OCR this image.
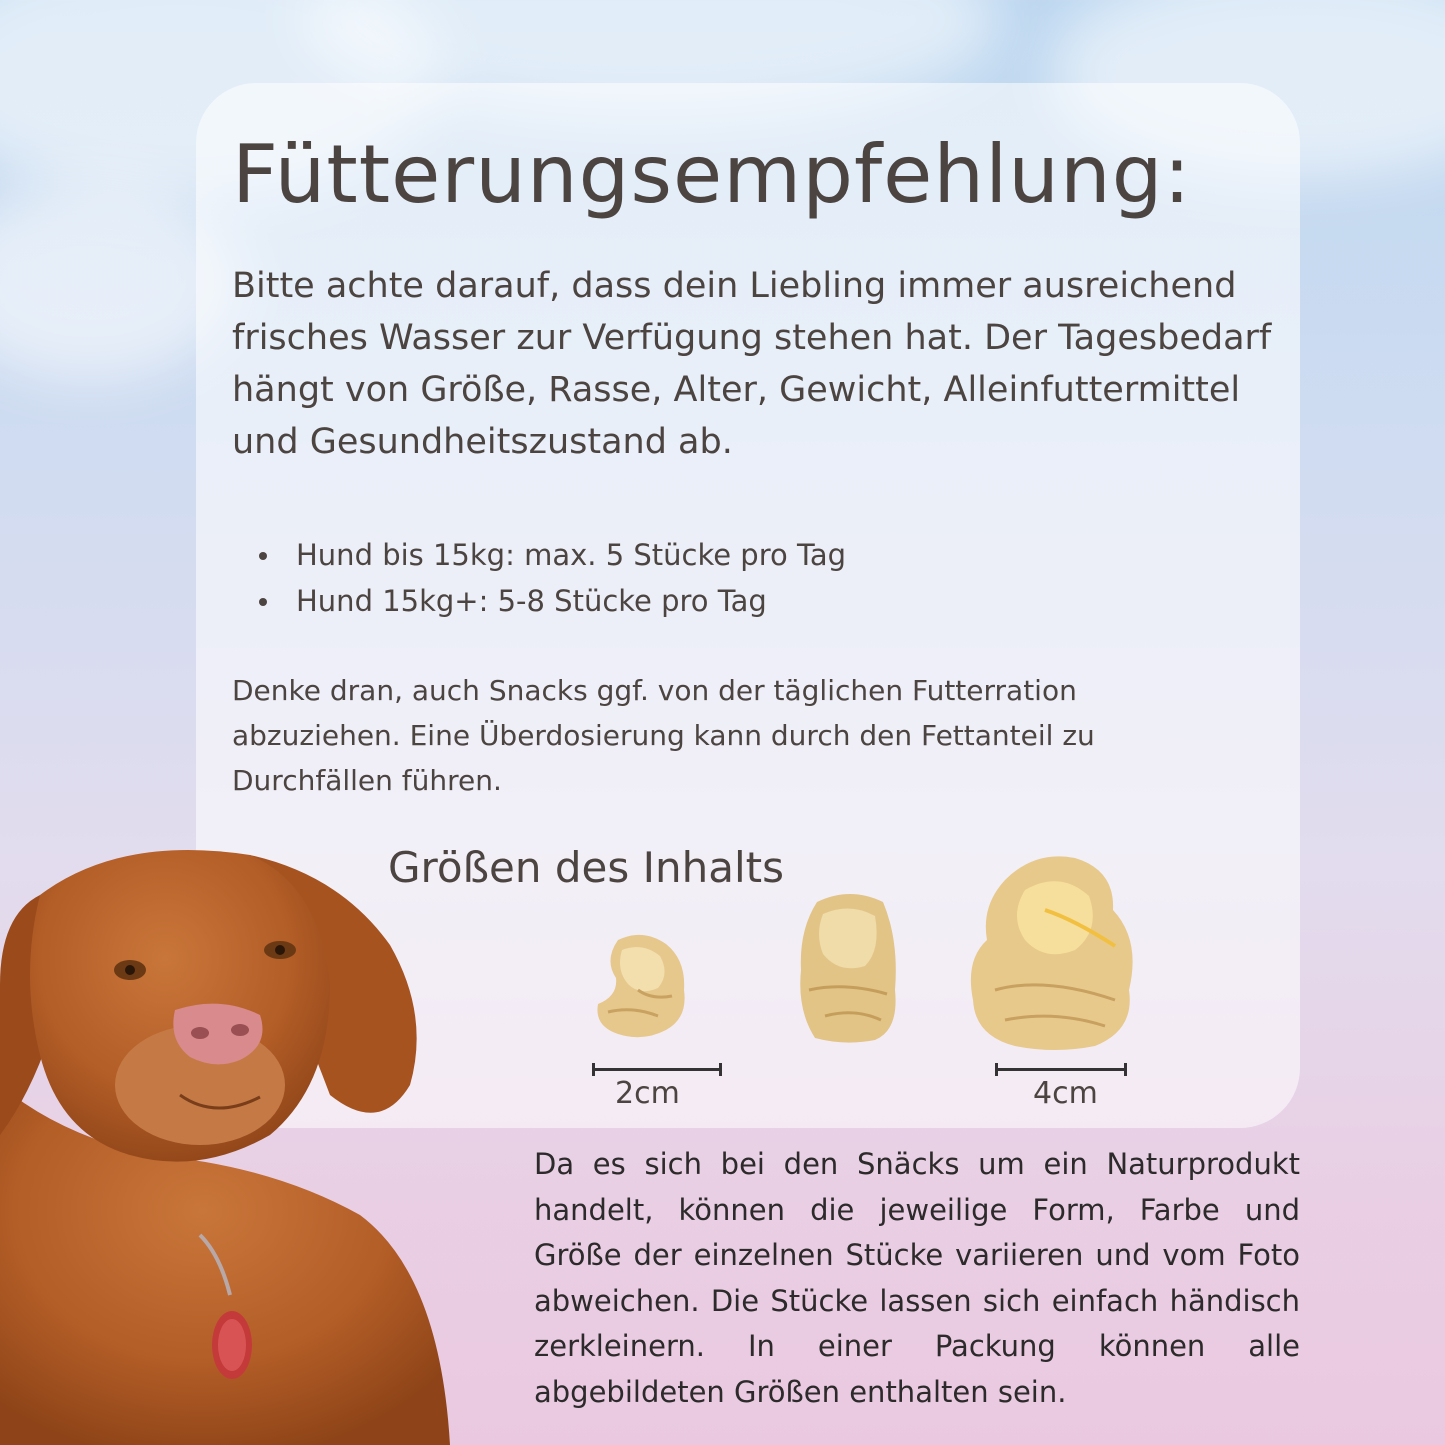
Fütterungsempfehlung:

Bitte achte darauf, dass dein Liebling immer ausreichend frisches Wasser zur Verfügung stehen hat. Der Tagesbedarf hängt von Größe, Rasse, Alter, Gewicht, Alleinfuttermittel und Gesundheitszustand ab.

Hund bis 15kg: max. 5 Stücke pro Tag
Hund 15kg+: 5-8 Stücke pro Tag

Denke dran, auch Snacks ggf. von der täglichen Futterration abzuziehen. Eine Überdosierung kann durch den Fettanteil zu Durchfällen führen.

Größen des Inhalts
2cm	4cm

Da es sich bei den Snäcks um ein Naturprodukt handelt, können die jeweilige Form, Farbe und Größe der einzelnen Stücke variieren und vom Foto abweichen. Die Stücke lassen sich einfach händisch zerkleinern. In einer Packung können alle abgebildeten Größen enthalten sein.
